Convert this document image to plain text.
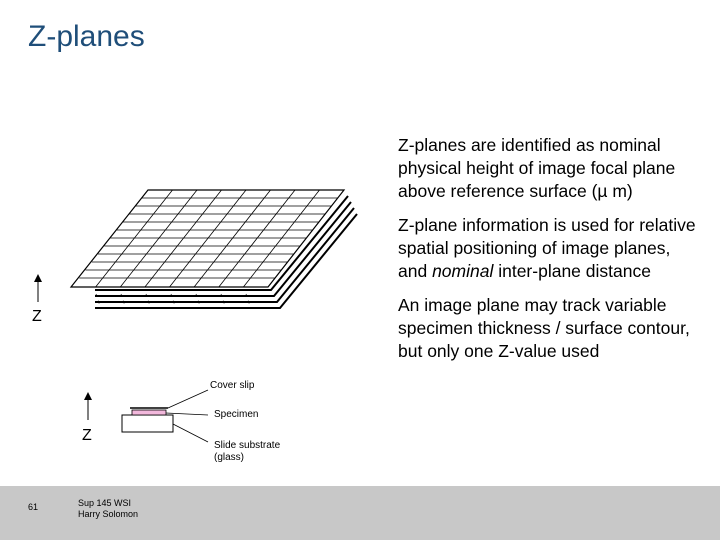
Z-planes
Z
Z
Cover slip
Specimen
Slide substrate
(glass)

Z-planes are identified as nominal physical height of image focal plane above reference surface (µ m)

Z-plane information is used for relative spatial positioning of image planes, and nominal inter-plane distance

An image plane may track variable specimen thickness / surface contour, but only one Z-value used

61	Sup 145 WSI
Harry Solomon
